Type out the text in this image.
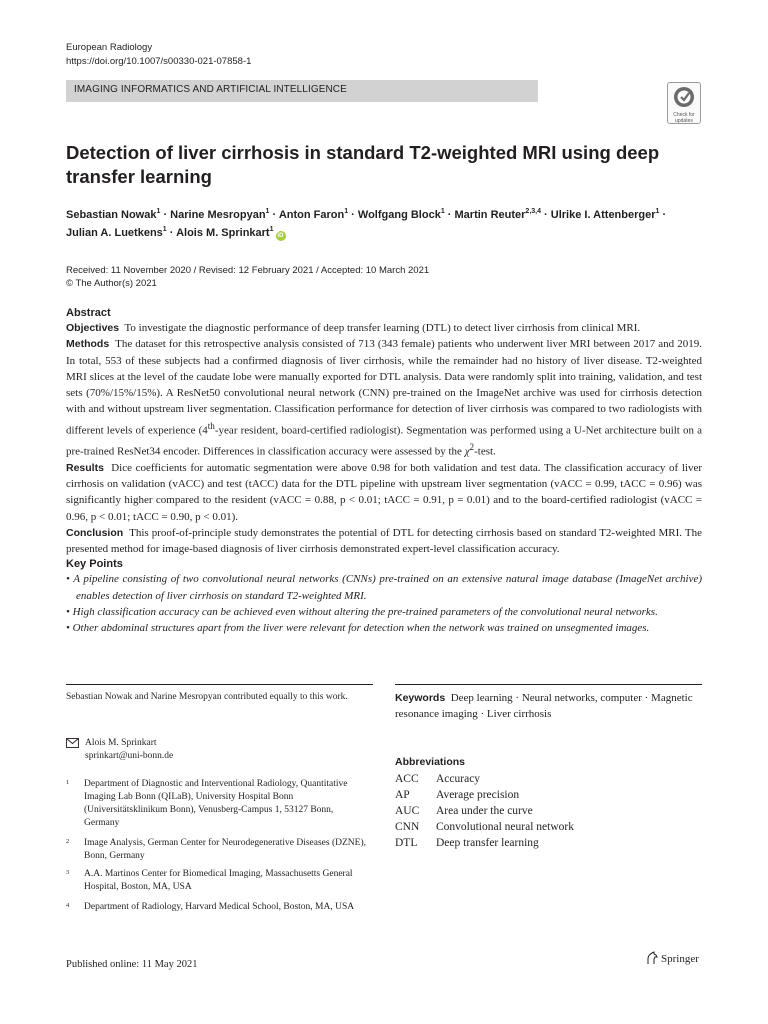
European Radiology
https://doi.org/10.1007/s00330-021-07858-1
IMAGING INFORMATICS AND ARTIFICIAL INTELLIGENCE
Check for
updates
Detection of liver cirrhosis in standard T2-weighted MRI using deep transfer learning
Sebastian Nowak$^1$ · Narine Mesropyan$^1$ · Anton Faron$^1$ · Wolfgang Block$^1$ · Martin Reuter$^{2,3,4}$ · Ulrike I. Attenberger$^1$ ·
Julian A. Luetkens$^1$ · Alois M. Sprinkart$^1$iD
Received: 11 November 2020 / Revised: 12 February 2021 / Accepted: 10 March 2021
© The Author(s) 2021
Abstract

Objectives To investigate the diagnostic performance of deep transfer learning (DTL) to detect liver cirrhosis from clinical MRI.

Methods The dataset for this retrospective analysis consisted of 713 (343 female) patients who underwent liver MRI between 2017 and 2019. In total, 553 of these subjects had a confirmed diagnosis of liver cirrhosis, while the remainder had no history of liver disease. T2-weighted MRI slices at the level of the caudate lobe were manually exported for DTL analysis. Data were randomly split into training, validation, and test sets (70%/15%/15%). A ResNet50 convolutional neural network (CNN) pre-trained on the ImageNet archive was used for cirrhosis detection with and without upstream liver segmentation. Classification performance for detection of liver cirrhosis was compared to two radiologists with different levels of experience (4th-year resident, board-certified radiologist). Segmentation was performed using a U-Net architecture built on a pre-trained ResNet34 encoder. Differences in classification accuracy were assessed by the $\chi^2$-test.

Results Dice coefficients for automatic segmentation were above 0.98 for both validation and test data. The classification accuracy of liver cirrhosis on validation (vACC) and test (tACC) data for the DTL pipeline with upstream liver segmentation (vACC = 0.99, tACC = 0.96) was significantly higher compared to the resident (vACC = 0.88, p < 0.01; tACC = 0.91, p = 0.01) and to the board-certified radiologist (vACC = 0.96, p < 0.01; tACC = 0.90, p < 0.01).

Conclusion This proof-of-principle study demonstrates the potential of DTL for detecting cirrhosis based on standard T2-weighted MRI. The presented method for image-based diagnosis of liver cirrhosis demonstrated expert-level classification accuracy.

Key Points
• A pipeline consisting of two convolutional neural networks (CNNs) pre-trained on an extensive natural image database (ImageNet archive) enables detection of liver cirrhosis on standard T2-weighted MRI.
• High classification accuracy can be achieved even without altering the pre-trained parameters of the convolutional neural networks.
• Other abdominal structures apart from the liver were relevant for detection when the network was trained on unsegmented images.
Sebastian Nowak and Narine Mesropyan contributed equally to this work.
Alois M. Sprinkart
sprinkart@uni-bonn.de
1 Department of Diagnostic and Interventional Radiology, Quantitative Imaging Lab Bonn (QILaB), University Hospital Bonn (Universitätsklinikum Bonn), Venusberg-Campus 1, 53127 Bonn, Germany
2 Image Analysis, German Center for Neurodegenerative Diseases (DZNE), Bonn, Germany
3 A.A. Martinos Center for Biomedical Imaging, Massachusetts General Hospital, Boston, MA, USA
4 Department of Radiology, Harvard Medical School, Boston, MA, USA
Keywords Deep learning · Neural networks, computer · Magnetic resonance imaging · Liver cirrhosis
Abbreviations
ACC	Accuracy
AP	Average precision
AUC	Area under the curve
CNN	Convolutional neural network
DTL	Deep transfer learning
Published online: 11 May 2021	Springer
